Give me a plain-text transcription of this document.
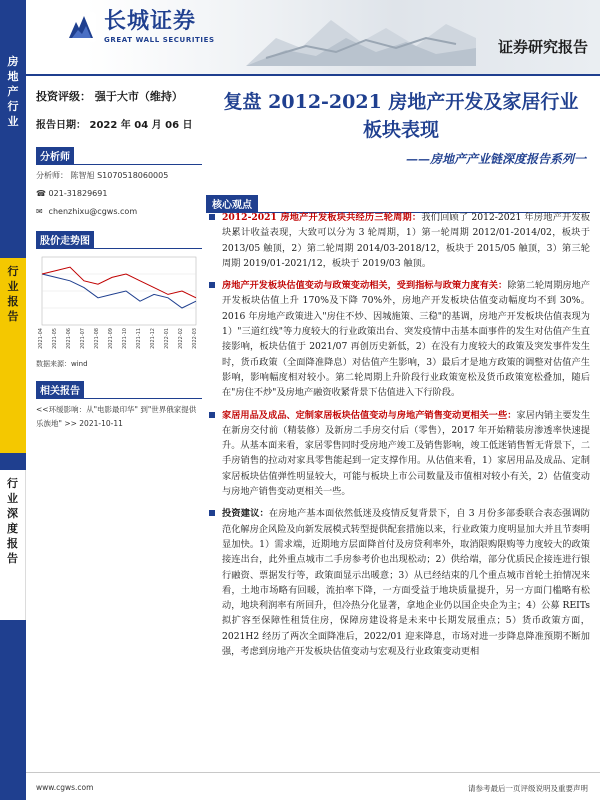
房
地
产
行
业
行
业
报
告
行
业
深
度
报
告
长城证券
GREAT WALL SECURITIES	证券研究报告
投资评级： 强于大市（维持）
报告日期： 2022 年 04 月 06 日
分析师
分析师： 陈智旭 S1070518060005
☎ 021-31829691
✉ chenzhixu@cgws.com
股价走势图
2021-04 2021-05 2021-06 2021-07 2021-08 2021-09 2021-10 2021-11 2021-12 2022-01 2022-02 2022-03
数据来源：wind
相关报告
<<环缓影响：从"电影最印华" 到"世界俄家提供乐族地" >> 2021-10-11
复盘 2012-2021 房地产开发及家居行业
板块表现
——房地产产业链深度报告系列一
核心观点
2012-2021 房地产开发板块共经历三轮周期：我们回顾了 2012-2021 年房地产开发板块累计收益表现，大致可以分为 3 轮周期，1）第一轮周期 2012/01-2014/02，板块于 2013/05 触顶，2）第二轮周期 2014/03-2018/12，板块于 2015/05 触顶，3）第三轮周期 2019/01-2021/12，板块于 2019/03 触顶。
房地产开发板块估值变动与政策变动相关，受到指标与政策力度有关：除第二轮周期房地产开发板块估值上升 170%及下降 70%外，房地产开发板块估值变动幅度均不到 30%。2016 年房地产政策进入"房住不炒、因城施策、三稳"的基调，房地产开发板块估值表现为 1）"三道红线"等力度较大的行业政策出台、突发疫情中击基本面事件的发生对估值产生直接影响，板块估值于 2021/07 再创历史新低，2）在没有力度较大的政策及突发事件发生时，货币政策（全面降准降息）对估值产生影响，3）最后才是地方政策的调整对估值产生影响，影响幅度相对较小。第二轮周期上升阶段行业政策宽松及货币政策宽松叠加，随后在"房住不炒"及房地产融资收紧背景下估值进入下行阶段。
家居用品及成品、定制家居板块估值变动与房地产销售变动更相关一些：家居内销主要发生在新房交付前（精装修）及新房二手房交付后（零售），2017 年开始精装房渗透率快速提升。从基本面来看，家居零售同时受房地产竣工及销售影响，竣工低迷销售暂无背景下，二手房销售的拉动对家具零售能起到一定支撑作用。从估值来看，1）家居用品及成品、定制家居板块估值弹性明显较大，可能与板块上市公司数量及市值相对较小有关，2）估值变动与房地产销售变动更相关一些。
投资建议：在房地产基本面依然低迷及疫情反复背景下，自 3 月份多部委联合表态强调防范化解房企风险及向新发展模式转型提供配套措施以来，行业政策力度明显加大并且节奏明显加快。1）需求端，近期地方层面降首付及房贷利率外，取消限购限购等力度较大的政策接连出台，此外重点城市二手房参考价也出现松动；2）供给端，部分优质民企接连进行银行融资、票据发行等，政策面显示出暖意；3）从已经结束的几个重点城市首轮土拍情况来看，土地市场略有回暖，流拍率下降，一方面受益于地块质量提升，另一方面门槛略有松动，地块利润率有所回升，但冷热分化显著，拿地企业仍以国企央企为主；4）公募 REITs 拟扩容至保障性租赁住房，保障房建设将是未来中长期发展重点；5）货币政策方面，2021H2 经历了两次全面降准后，2022/01 迎来降息，市场对进一步降息降准预期不断加强，考虑到房地产开发板块估值变动与宏观及行业政策变动更相
www.cgws.com	请参考最后一页评级说明及重要声明
